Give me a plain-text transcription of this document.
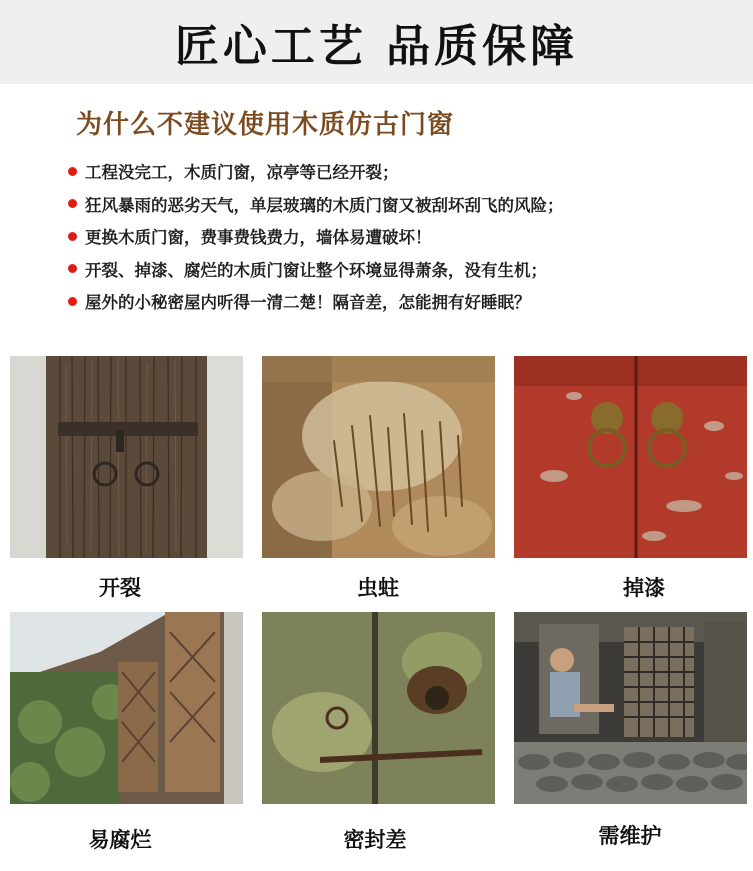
匠心工艺 品质保障
为什么不建议使用木质仿古门窗
工程没完工，木质门窗，凉亭等已经开裂；
狂风暴雨的恶劣天气，单层玻璃的木质门窗又被刮坏刮飞的风险；
更换木质门窗，费事费钱费力，墙体易遭破坏！
开裂、掉漆、腐烂的木质门窗让整个环境显得萧条，没有生机；
屋外的小秘密屋内听得一清二楚！隔音差，怎能拥有好睡眠？
开裂	虫蛀	掉漆
易腐烂	密封差	需维护
